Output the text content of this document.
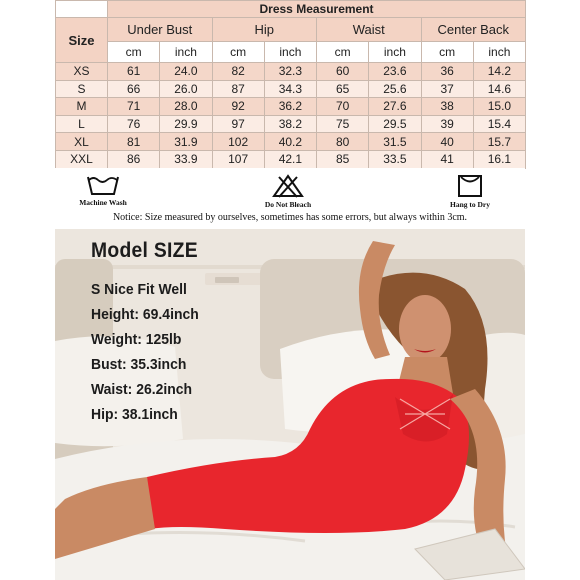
	Dress Measurement							
Size	Under Bust		Hip		Waist		Center Back	
	cm	inch	cm	inch	cm	inch	cm	inch
XS	61	24.0	82	32.3	60	23.6	36	14.2
S	66	26.0	87	34.3	65	25.6	37	14.6
M	71	28.0	92	36.2	70	27.6	38	15.0
L	76	29.9	97	38.2	75	29.5	39	15.4
XL	81	31.9	102	40.2	80	31.5	40	15.7
XXL	86	33.9	107	42.1	85	33.5	41	16.1
Machine Wash	Do Not Bleach	Hang to Dry
Notice: Size measured by ourselves, sometimes has some errors, but always within 3cm.
Model SIZE
S Nice Fit Well
Height: 69.4inch
Weight: 125lb
Bust: 35.3inch
Waist: 26.2inch
Hip: 38.1inch
